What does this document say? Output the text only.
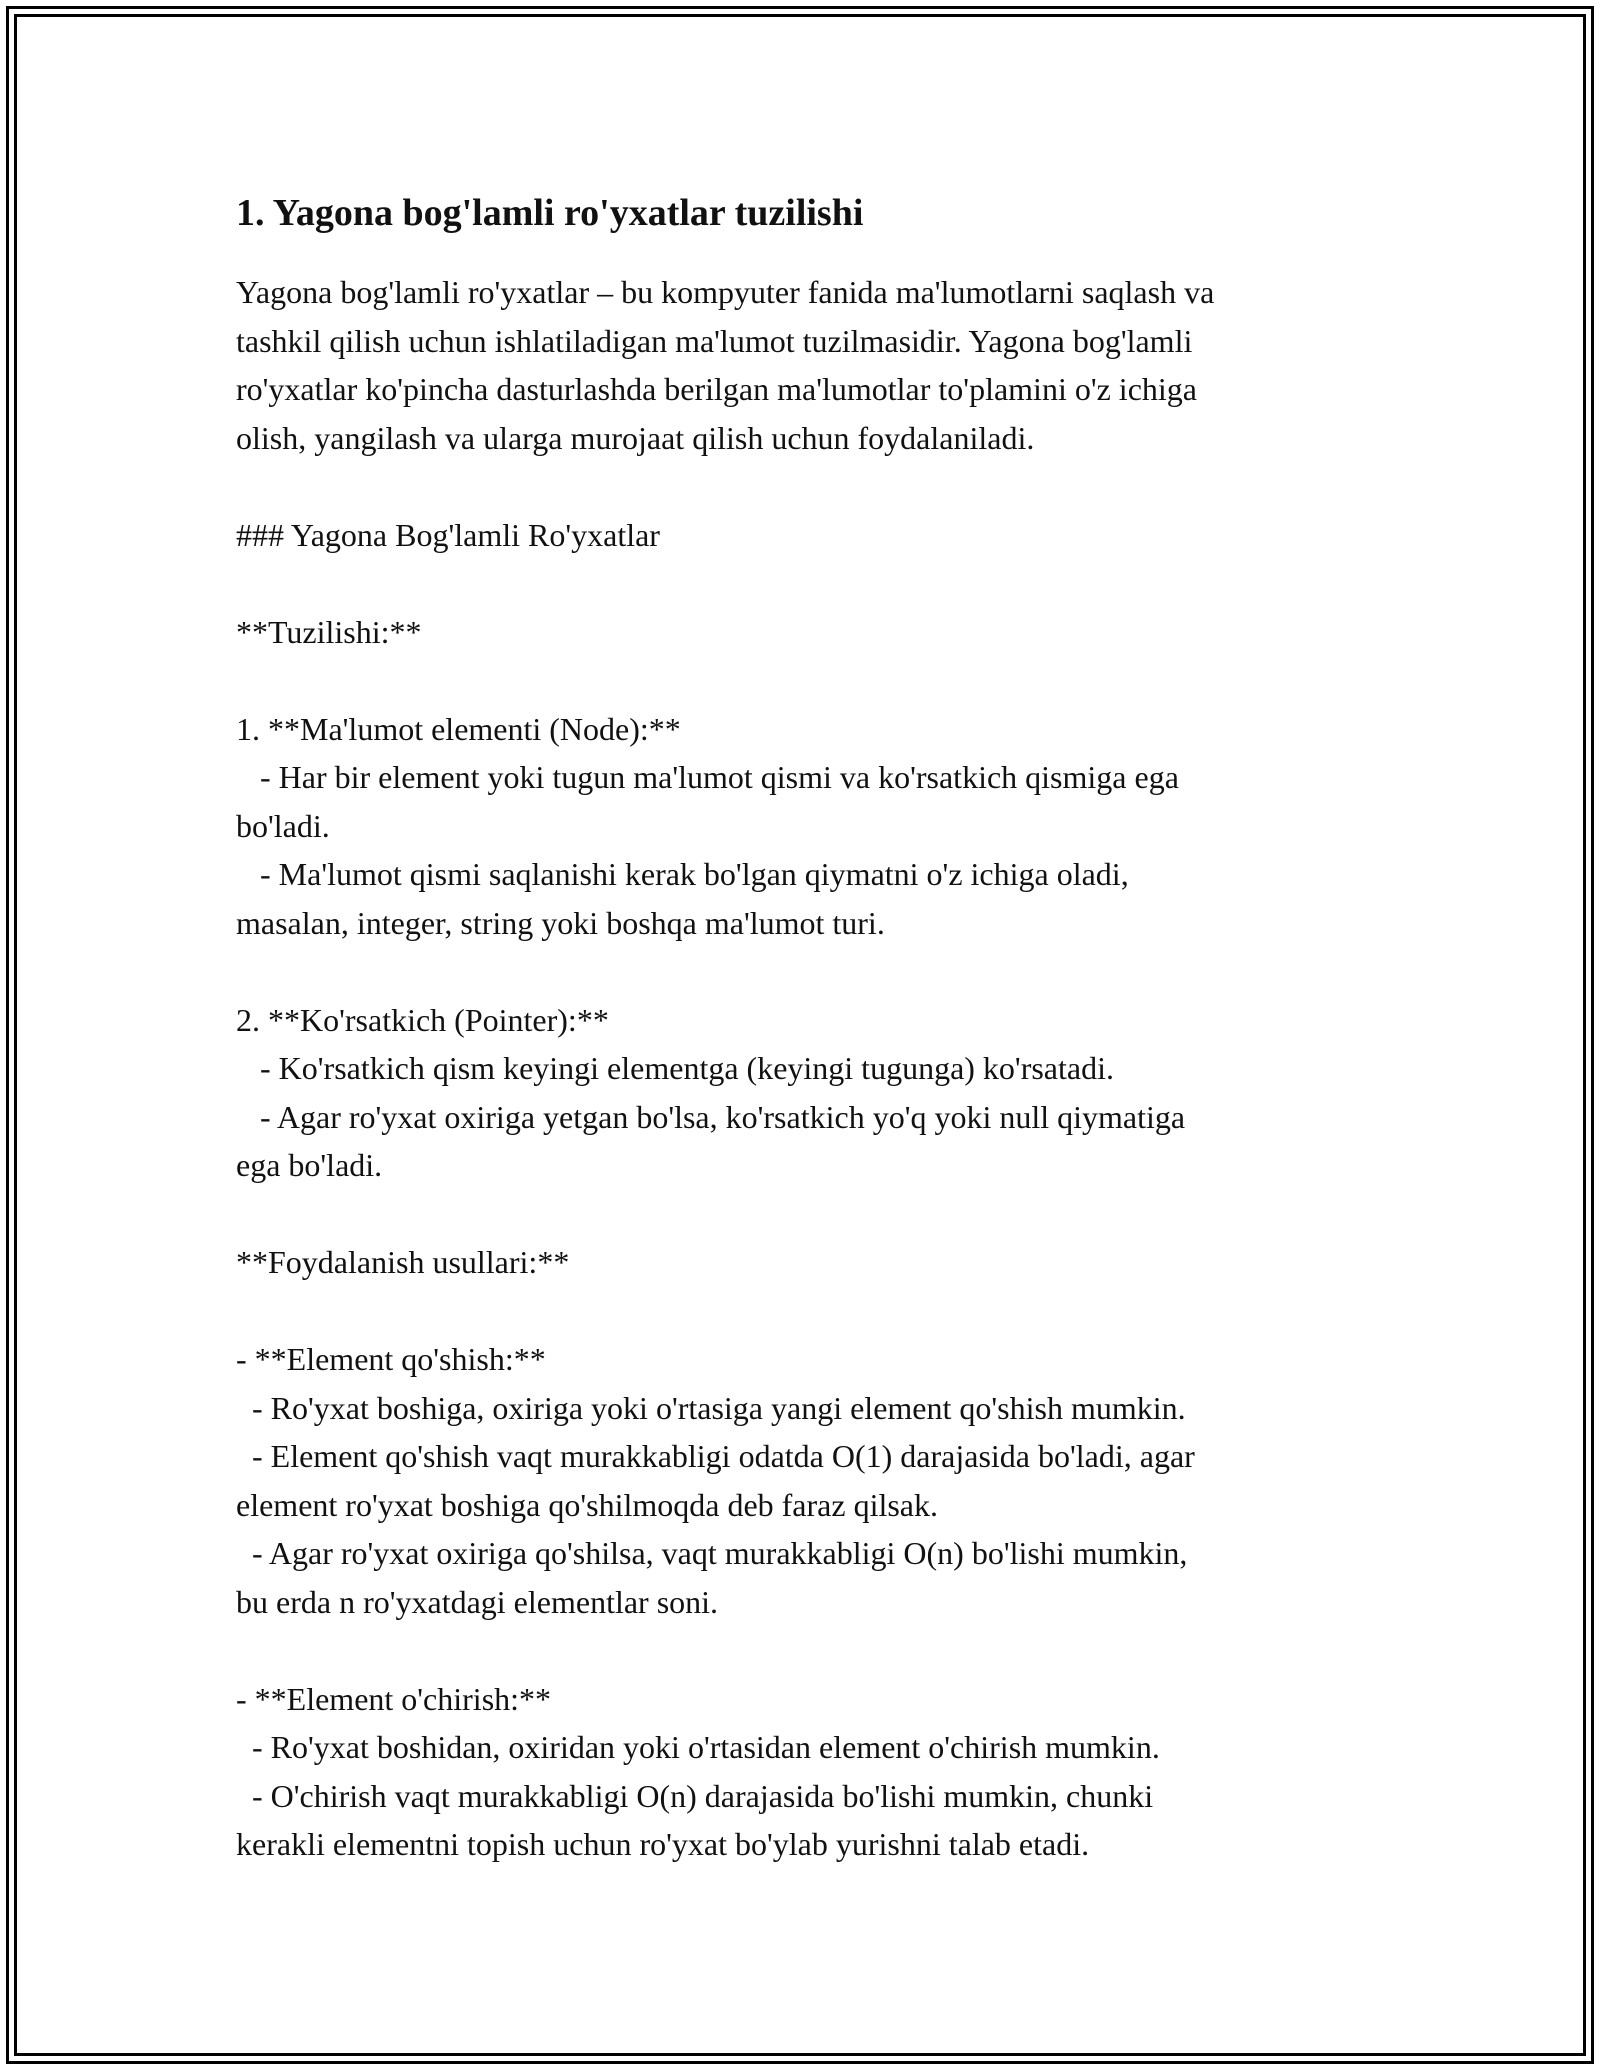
1. Yagona bog'lamli ro'yxatlar tuzilishi
Yagona bog'lamli ro'yxatlar – bu kompyuter fanida ma'lumotlarni saqlash va
tashkil qilish uchun ishlatiladigan ma'lumot tuzilmasidir. Yagona bog'lamli
ro'yxatlar ko'pincha dasturlashda berilgan ma'lumotlar to'plamini o'z ichiga
olish, yangilash va ularga murojaat qilish uchun foydalaniladi.
### Yagona Bog'lamli Ro'yxatlar
**Tuzilishi:**
1. **Ma'lumot elementi (Node):**
- Har bir element yoki tugun ma'lumot qismi va ko'rsatkich qismiga ega
bo'ladi.
- Ma'lumot qismi saqlanishi kerak bo'lgan qiymatni o'z ichiga oladi,
masalan, integer, string yoki boshqa ma'lumot turi.
2. **Ko'rsatkich (Pointer):**
- Ko'rsatkich qism keyingi elementga (keyingi tugunga) ko'rsatadi.
- Agar ro'yxat oxiriga yetgan bo'lsa, ko'rsatkich yo'q yoki null qiymatiga
ega bo'ladi.
**Foydalanish usullari:**
- **Element qo'shish:**
- Ro'yxat boshiga, oxiriga yoki o'rtasiga yangi element qo'shish mumkin.
- Element qo'shish vaqt murakkabligi odatda O(1) darajasida bo'ladi, agar
element ro'yxat boshiga qo'shilmoqda deb faraz qilsak.
- Agar ro'yxat oxiriga qo'shilsa, vaqt murakkabligi O(n) bo'lishi mumkin,
bu erda n ro'yxatdagi elementlar soni.
- **Element o'chirish:**
- Ro'yxat boshidan, oxiridan yoki o'rtasidan element o'chirish mumkin.
- O'chirish vaqt murakkabligi O(n) darajasida bo'lishi mumkin, chunki
kerakli elementni topish uchun ro'yxat bo'ylab yurishni talab etadi.
